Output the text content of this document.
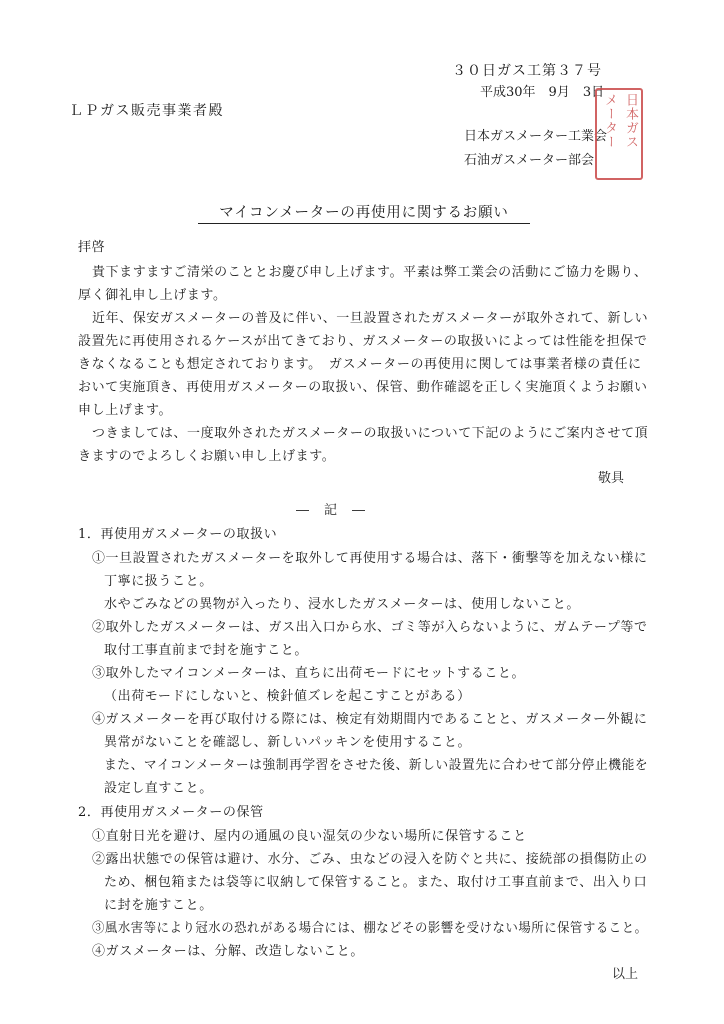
３０日ガス工第３７号
平成30年　9月　3日
ＬＰガス販売事業者殿
日本ガスメーター工業会
石油ガスメーター部会
日本ガス
メーター
マイコンメーターの再使用に関するお願い
拝啓
貴下ますますご清栄のこととお慶び申し上げます。平素は弊工業会の活動にご協力を賜り、
厚く御礼申し上げます。
近年、保安ガスメーターの普及に伴い、一旦設置されたガスメーターが取外されて、新しい
設置先に再使用されるケースが出てきており、ガスメーターの取扱いによっては性能を担保で
きなくなることも想定されております。　ガスメーターの再使用に関しては事業者様の責任に
おいて実施頂き、再使用ガスメーターの取扱い、保管、動作確認を正しく実施頂くようお願い
申し上げます。
つきましては、一度取外されたガスメーターの取扱いについて下記のようにご案内させて頂
きますのでよろしくお願い申し上げます。
敬具
―　記　―
1．再使用ガスメーターの取扱い
①一旦設置されたガスメーターを取外して再使用する場合は、落下・衝撃等を加えない様に
丁寧に扱うこと。
水やごみなどの異物が入ったり、浸水したガスメーターは、使用しないこと。
②取外したガスメーターは、ガス出入口から水、ゴミ等が入らないように、ガムテープ等で
取付工事直前まで封を施すこと。
③取外したマイコンメーターは、直ちに出荷モードにセットすること。
（出荷モードにしないと、検針値ズレを起こすことがある）
④ガスメーターを再び取付ける際には、検定有効期間内であることと、ガスメーター外観に
異常がないことを確認し、新しいパッキンを使用すること。
また、マイコンメーターは強制再学習をさせた後、新しい設置先に合わせて部分停止機能を
設定し直すこと。
2．再使用ガスメーターの保管
①直射日光を避け、屋内の通風の良い湿気の少ない場所に保管すること
②露出状態での保管は避け、水分、ごみ、虫などの浸入を防ぐと共に、接続部の損傷防止の
ため、梱包箱または袋等に収納して保管すること。また、取付け工事直前まで、出入り口
に封を施すこと。
③風水害等により冠水の恐れがある場合には、棚などその影響を受けない場所に保管すること。
④ガスメーターは、分解、改造しないこと。
以上
